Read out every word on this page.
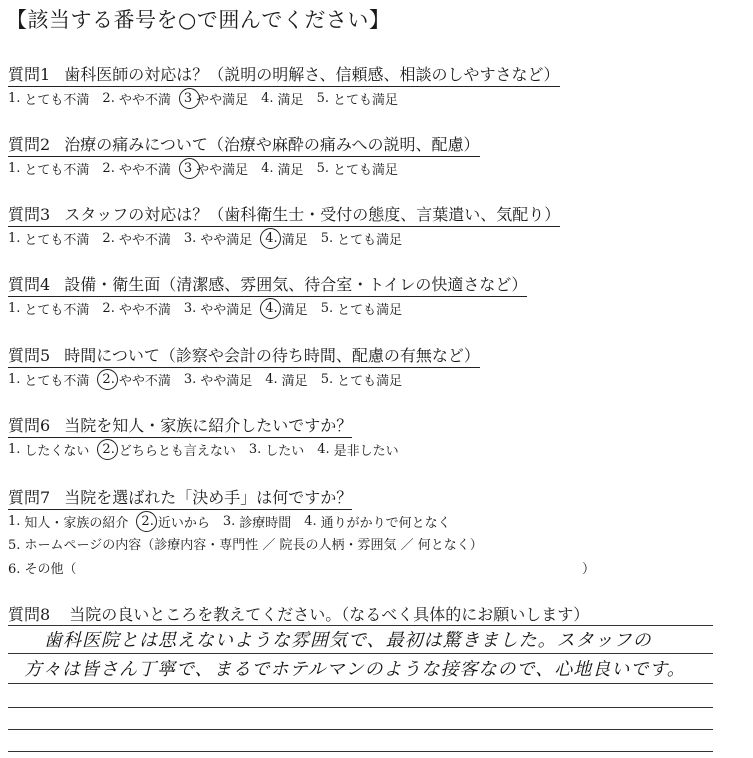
【該当する番号を○で囲んでください】
質問1 歯科医師の対応は？（説明の明解さ、信頼感、相談のしやすさなど）
1. とても不満 2. やや不満 3 やや満足 4. 満足 5. とても満足
質問2 治療の痛みについて（治療や麻酔の痛みへの説明、配慮）
1. とても不満 2. やや不満 3 やや満足 4. 満足 5. とても満足
質問3 スタッフの対応は？（歯科衛生士・受付の態度、言葉遣い、気配り）
1. とても不満 2. やや不満 3. やや満足 4. 満足 5. とても満足
質問4 設備・衛生面（清潔感、雰囲気、待合室・トイレの快適さなど）
1. とても不満 2. やや不満 3. やや満足 4. 満足 5. とても満足
質問5 時間について（診察や会計の待ち時間、配慮の有無など）
1. とても不満 2. やや不満 3. やや満足 4. 満足 5. とても満足
質問6 当院を知人・家族に紹介したいですか？
1. したくない 2. どちらとも言えない 3. したい 4. 是非したい
質問7 当院を選ばれた「決め手」は何ですか？
1. 知人・家族の紹介 2. 近いから 3. 診療時間 4. 通りがかりで何となく
5. ホームページの内容（診療内容・専門性 ／ 院長の人柄・雰囲気 ／ 何となく）
6. その他（	）
質問8 当院の良いところを教えてください。（なるべく具体的にお願いします）
歯科医院とは思えないような雰囲気で、最初は驚きました。スタッフの
方々は皆さん丁寧で、まるでホテルマンのような接客なので、心地良いです。
